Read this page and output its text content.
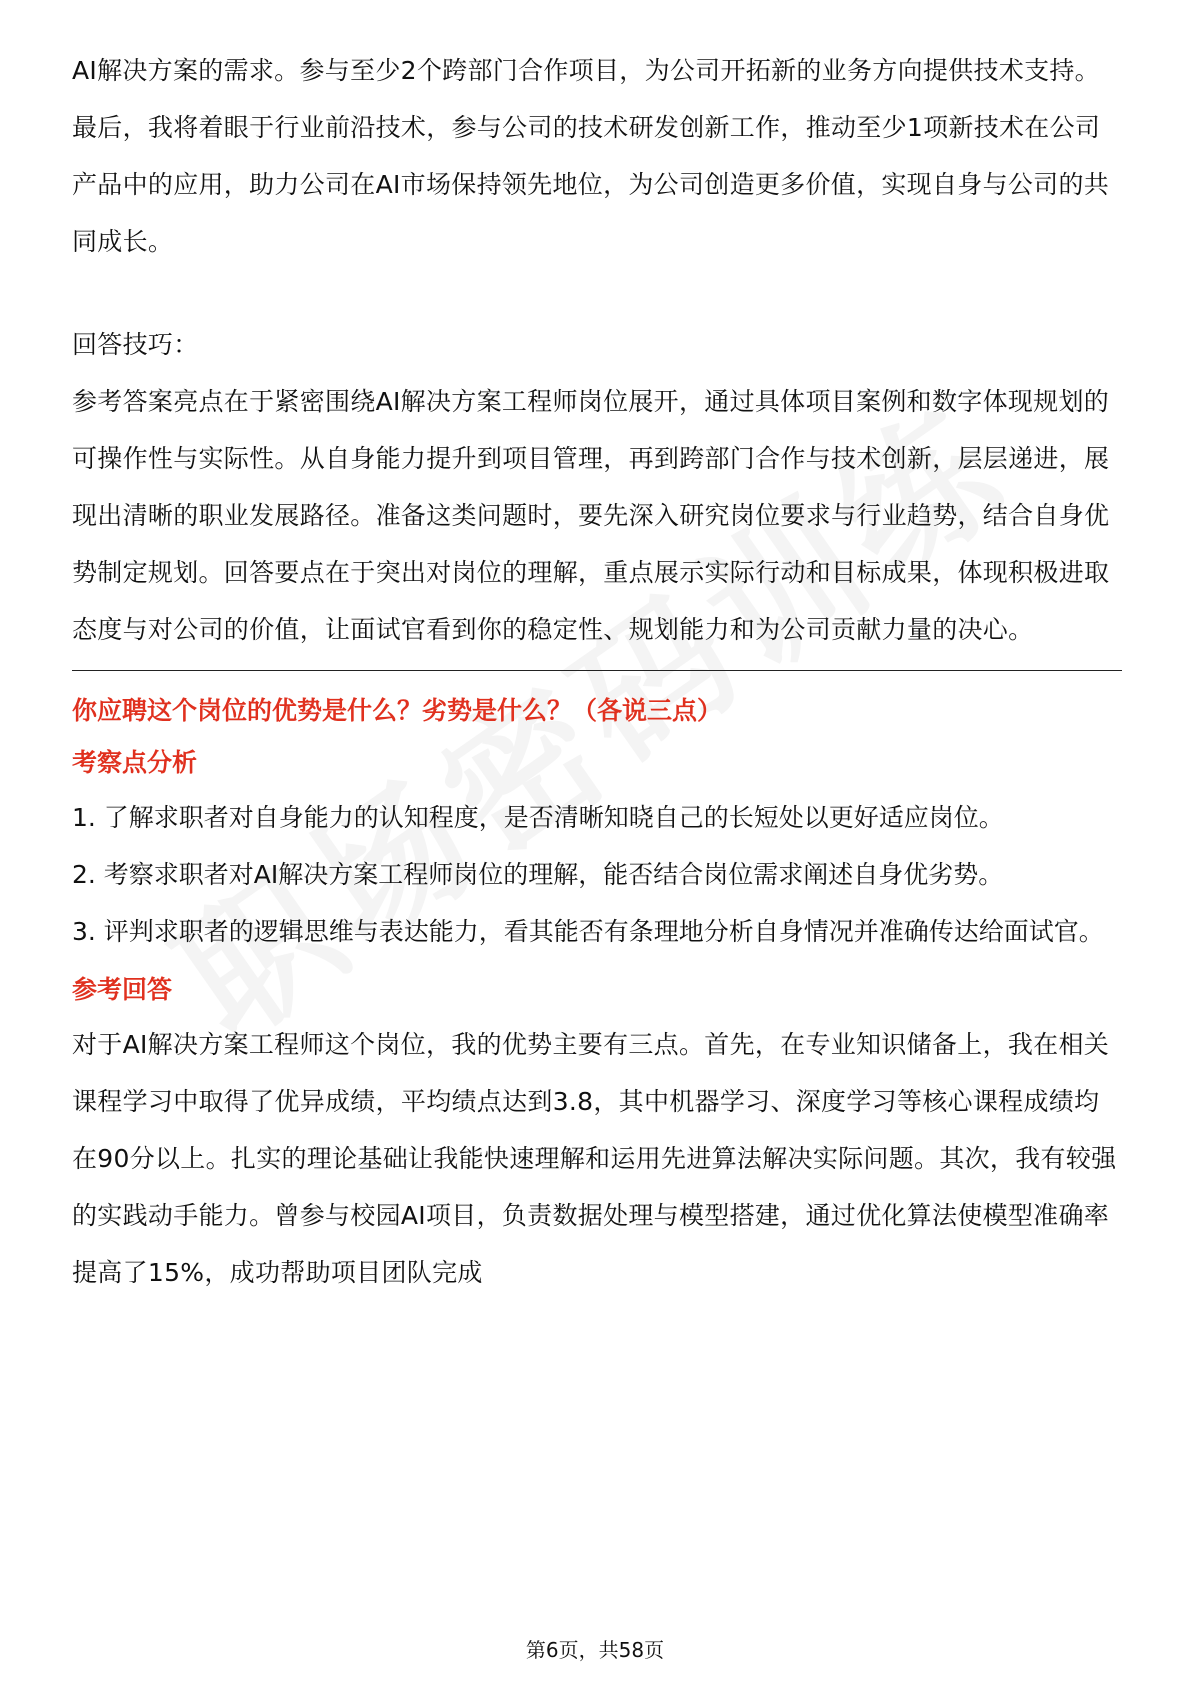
AI解决方案的需求。参与至少2个跨部门合作项目，为公司开拓新的业务方向提供技术支持。

最后，我将着眼于行业前沿技术，参与公司的技术研发创新工作，推动至少1项新技术在公司产品中的应用，助力公司在AI市场保持领先地位，为公司创造更多价值，实现自身与公司的共同成长。

回答技巧：

参考答案亮点在于紧密围绕AI解决方案工程师岗位展开，通过具体项目案例和数字体现规划的可操作性与实际性。从自身能力提升到项目管理，再到跨部门合作与技术创新，层层递进，展现出清晰的职业发展路径。准备这类问题时，要先深入研究岗位要求与行业趋势，结合自身优势制定规划。回答要点在于突出对岗位的理解，重点展示实际行动和目标成果，体现积极进取态度与对公司的价值，让面试官看到你的稳定性、规划能力和为公司贡献力量的决心。

你应聘这个岗位的优势是什么？劣势是什么？（各说三点）

考察点分析

1. 了解求职者对自身能力的认知程度，是否清晰知晓自己的长短处以更好适应岗位。

2. 考察求职者对AI解决方案工程师岗位的理解，能否结合岗位需求阐述自身优劣势。

3. 评判求职者的逻辑思维与表达能力，看其能否有条理地分析自身情况并准确传达给面试官。

参考回答

对于AI解决方案工程师这个岗位，我的优势主要有三点。首先，在专业知识储备上，我在相关课程学习中取得了优异成绩，平均绩点达到3.8，其中机器学习、深度学习等核心课程成绩均在90分以上。扎实的理论基础让我能快速理解和运用先进算法解决实际问题。其次，我有较强的实践动手能力。曾参与校园AI项目，负责数据处理与模型搭建，通过优化算法使模型准确率提高了15%，成功帮助项目团队完成

第6页，共58页
